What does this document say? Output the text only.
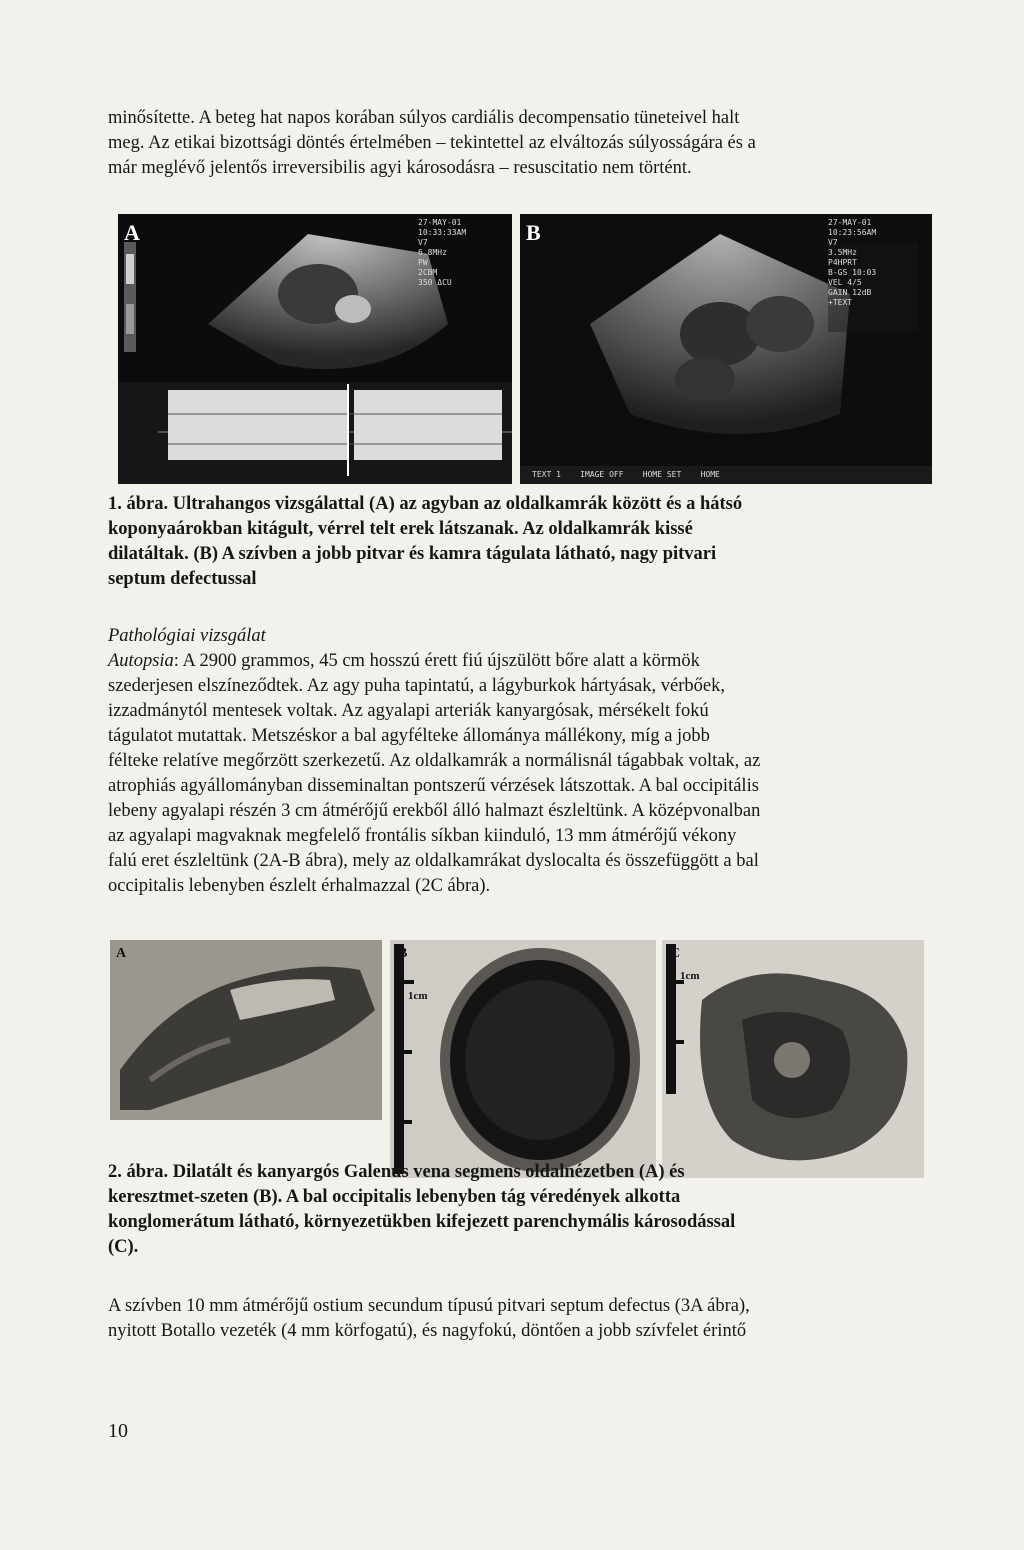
minősítette. A beteg hat napos korában súlyos cardiális decompensatio tüneteivel halt
meg. Az etikai bizottsági döntés értelmében – tekintettel az elváltozás súlyosságára és a
már meglévő jelentős irreversibilis agyi károsodásra – resuscitatio nem történt.

A	27-MAY-01
10:33:33AM
V7
6.8MHz
PW
2CBM
350 ΔCU
B	27-MAY-01
10:23:56AM
V7
3.5MHz
P4HPRT
B-GS 10:03
VEL 4/5
GAIN 12dB
+TEXT
TEXT 1    IMAGE OFF    HOME SET    HOME
1. ábra. Ultrahangos vizsgálattal (A) az agyban az oldalkamrák között és a hátsó
koponyaárokban kitágult, vérrel telt erek látszanak. Az oldalkamrák kissé
dilatáltak. (B) A szívben a jobb pitvar és kamra tágulata látható, nagy pitvari
septum defectussal

Pathológiai vizsgálat
Autopsia: A 2900 grammos, 45 cm hosszú érett fiú újszülött bőre alatt a körmök
szederjesen elszíneződtek. Az agy puha tapintatú, a lágyburkok hártyásak, vérbőek,
izzadmánytól mentesek voltak. Az agyalapi arteriák kanyargósak, mérsékelt fokú
tágulatot mutattak. Metszéskor a bal agyfélteke állománya mállékony, míg a jobb
félteke relatíve megőrzött szerkezetű. Az oldalkamrák a normálisnál tágabbak voltak, az
atrophiás agyállományban disseminaltan pontszerű vérzések látszottak. A bal occipitális
lebeny agyalapi részén 3 cm átmérőjű erekből álló halmazt észleltünk. A középvonalban
az agyalapi magvaknak megfelelő frontális síkban kiinduló, 13 mm átmérőjű vékony
falú eret észleltünk (2A-B ábra), mely az oldalkamrákat dyslocalta és összefüggött a bal
occipitalis lebenyben észlelt érhalmazzal (2C ábra).

A	B
1cm
C
1cm
2. ábra. Dilatált és kanyargós Galenus vena segmens oldalnézetben (A) és
keresztmet-szeten (B). A bal occipitalis lebenyben tág véredények alkotta
konglomerátum látható, környezetükben kifejezett parenchymális károsodással
(C).

A szívben 10 mm átmérőjű ostium secundum típusú pitvari septum defectus (3A ábra),
nyitott Botallo vezeték (4 mm körfogatú), és nagyfokú, döntően a jobb szívfelet érintő

10
